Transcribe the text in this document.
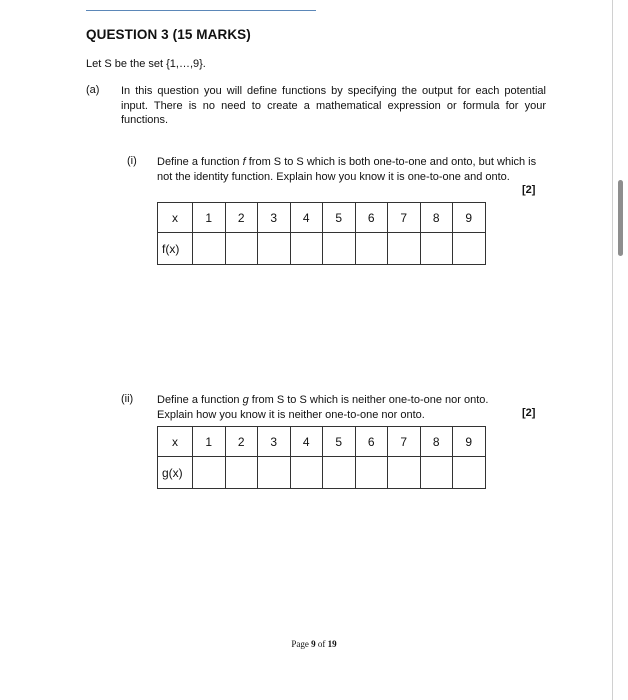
QUESTION 3 (15 MARKS)
Let S be the set {1,…,9}.
(a) In this question you will define functions by specifying the output for each potential input. There is no need to create a mathematical expression or formula for your functions.
(i) Define a function f from S to S which is both one-to-one and onto, but which is not the identity function. Explain how you know it is one-to-one and onto.
[2]
x	1	2	3	4	5	6	7	8	9
f(x)									
(ii) Define a function g from S to S which is neither one-to-one nor onto. Explain how you know it is neither one-to-one nor onto.	[2]
x	1	2	3	4	5	6	7	8	9
g(x)									
Page 9 of 19
